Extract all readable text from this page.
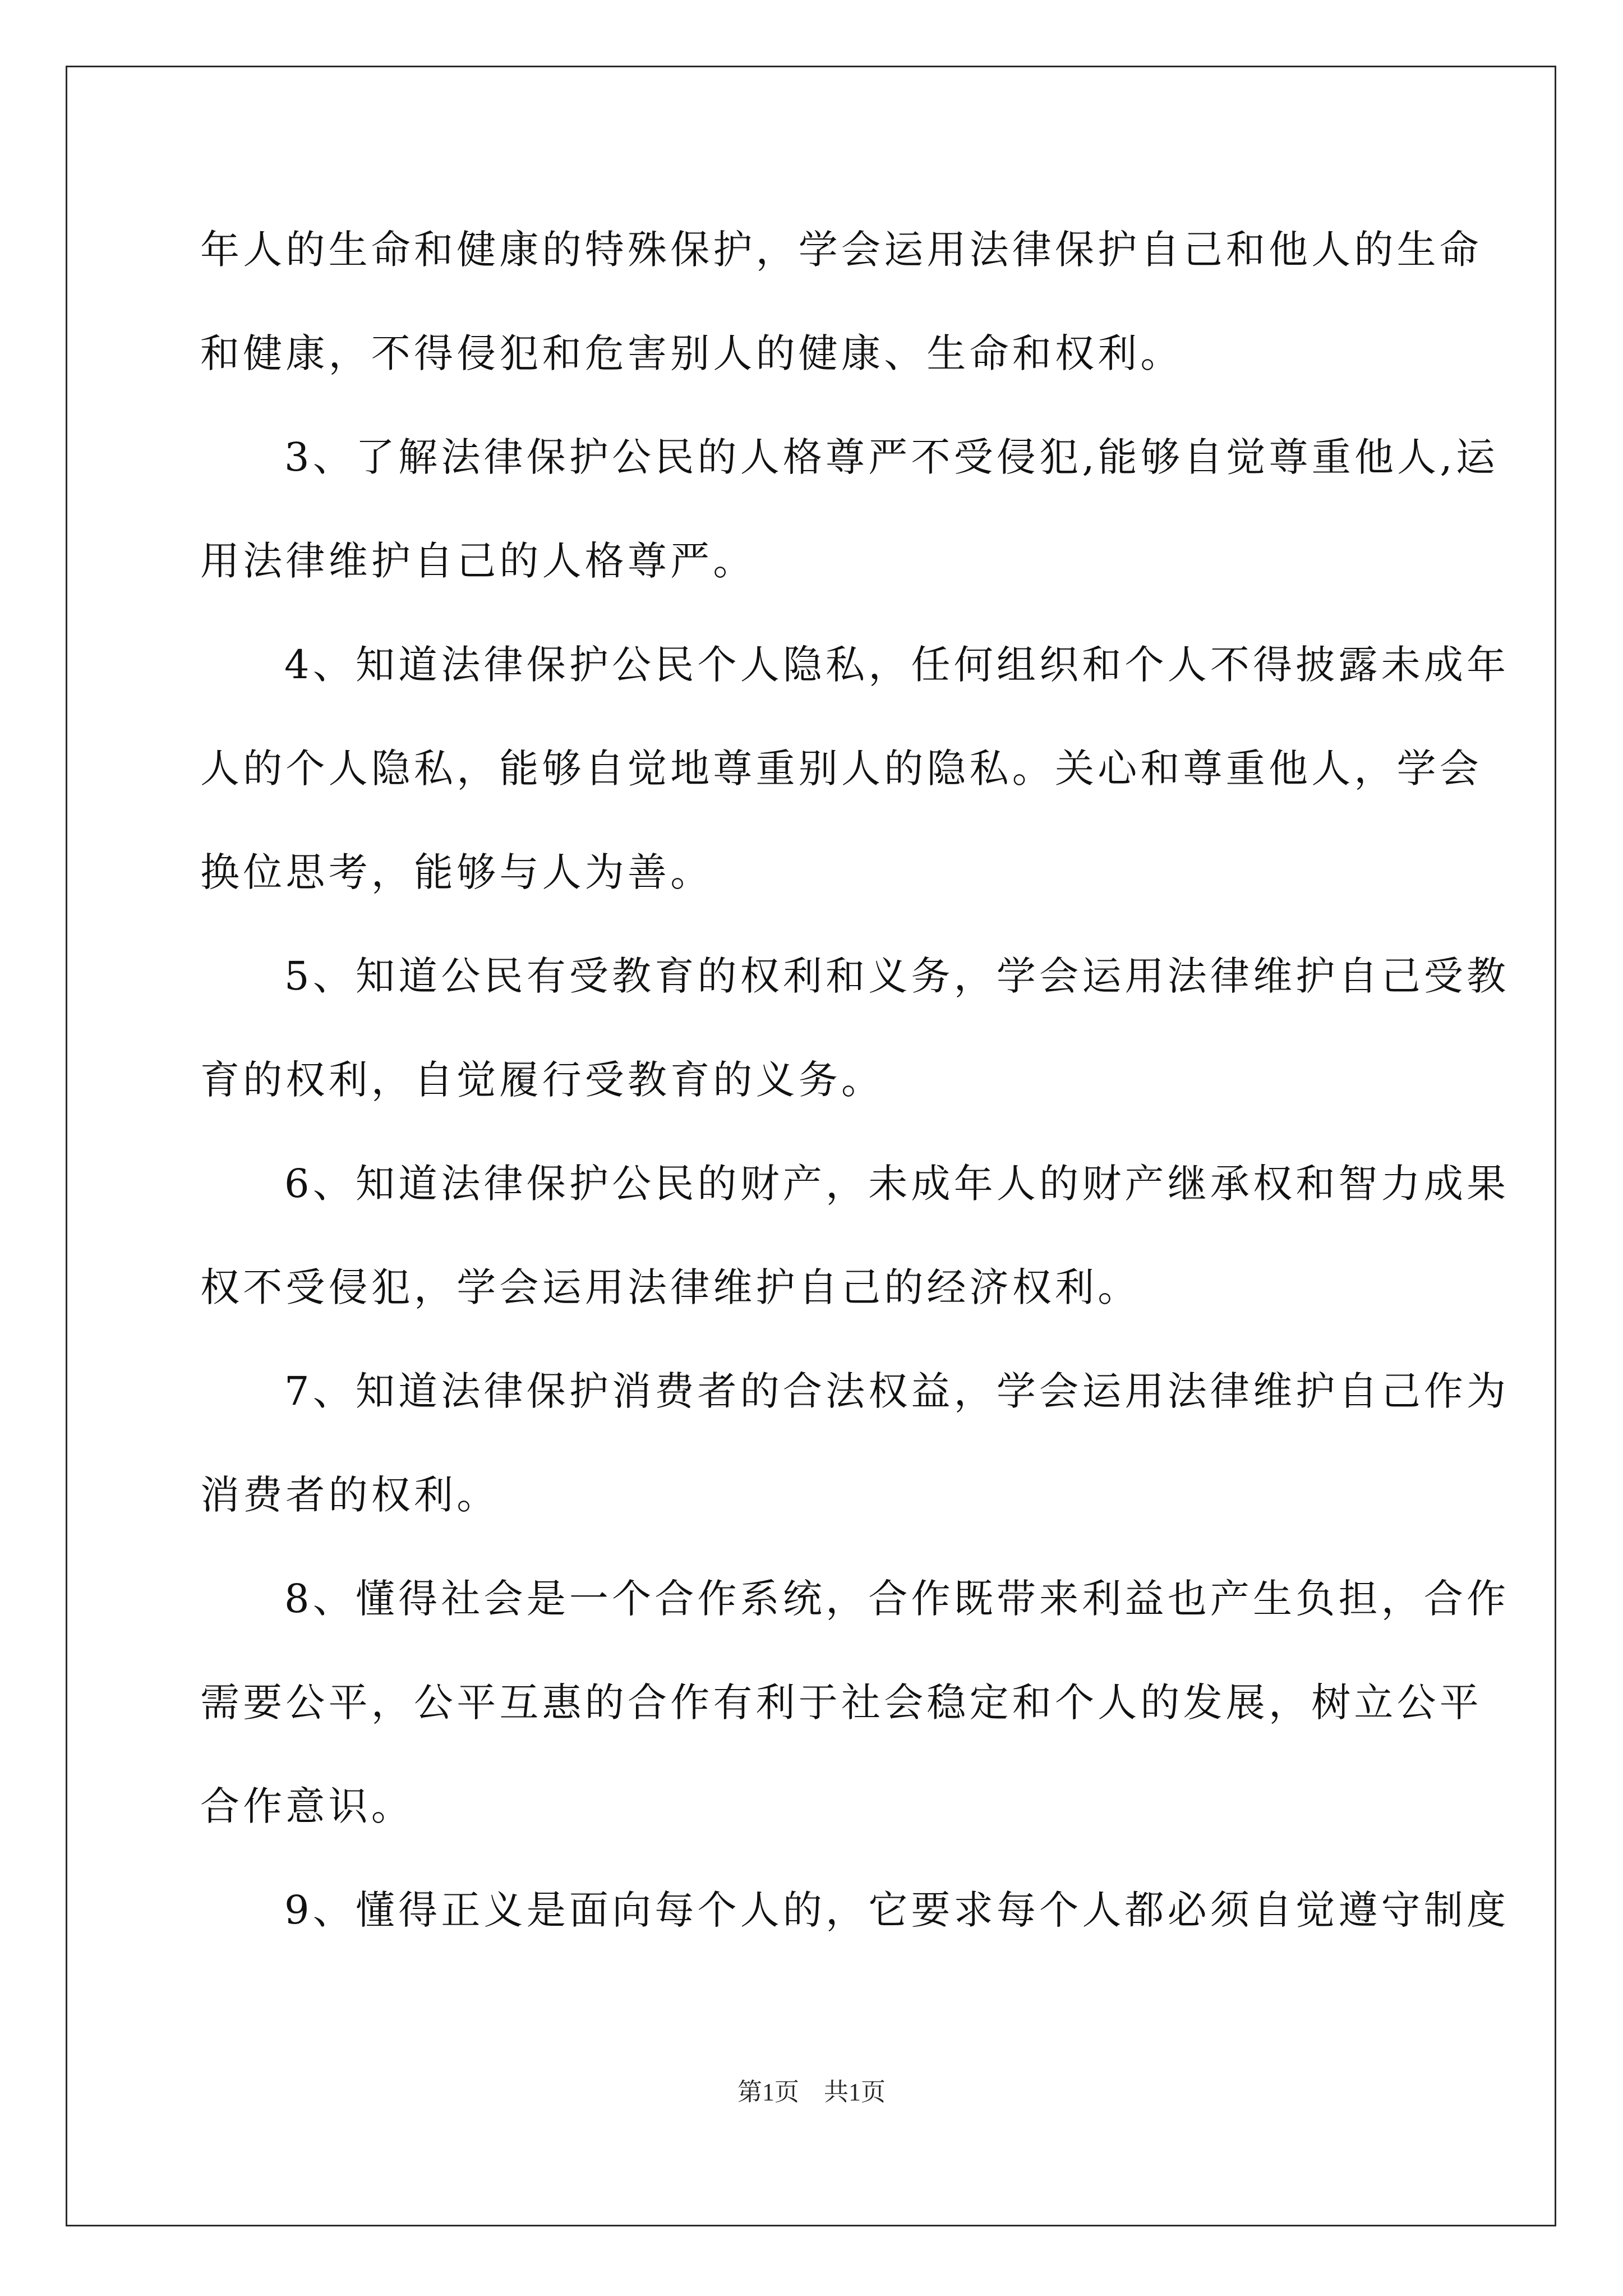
年人的生命和健康的特殊保护，学会运用法律保护自己和他人的生命
和健康，不得侵犯和危害别人的健康、生命和权利。
3、了解法律保护公民的人格尊严不受侵犯,能够自觉尊重他人,运
用法律维护自己的人格尊严。
4、知道法律保护公民个人隐私，任何组织和个人不得披露未成年
人的个人隐私，能够自觉地尊重别人的隐私。关心和尊重他人，学会
换位思考，能够与人为善。
5、知道公民有受教育的权利和义务，学会运用法律维护自己受教
育的权利，自觉履行受教育的义务。
6、知道法律保护公民的财产，未成年人的财产继承权和智力成果
权不受侵犯，学会运用法律维护自己的经济权利。
7、知道法律保护消费者的合法权益，学会运用法律维护自己作为
消费者的权利。
8、懂得社会是一个合作系统，合作既带来利益也产生负担，合作
需要公平，公平互惠的合作有利于社会稳定和个人的发展，树立公平
合作意识。
9、懂得正义是面向每个人的，它要求每个人都必须自觉遵守制度
第1页　共1页
